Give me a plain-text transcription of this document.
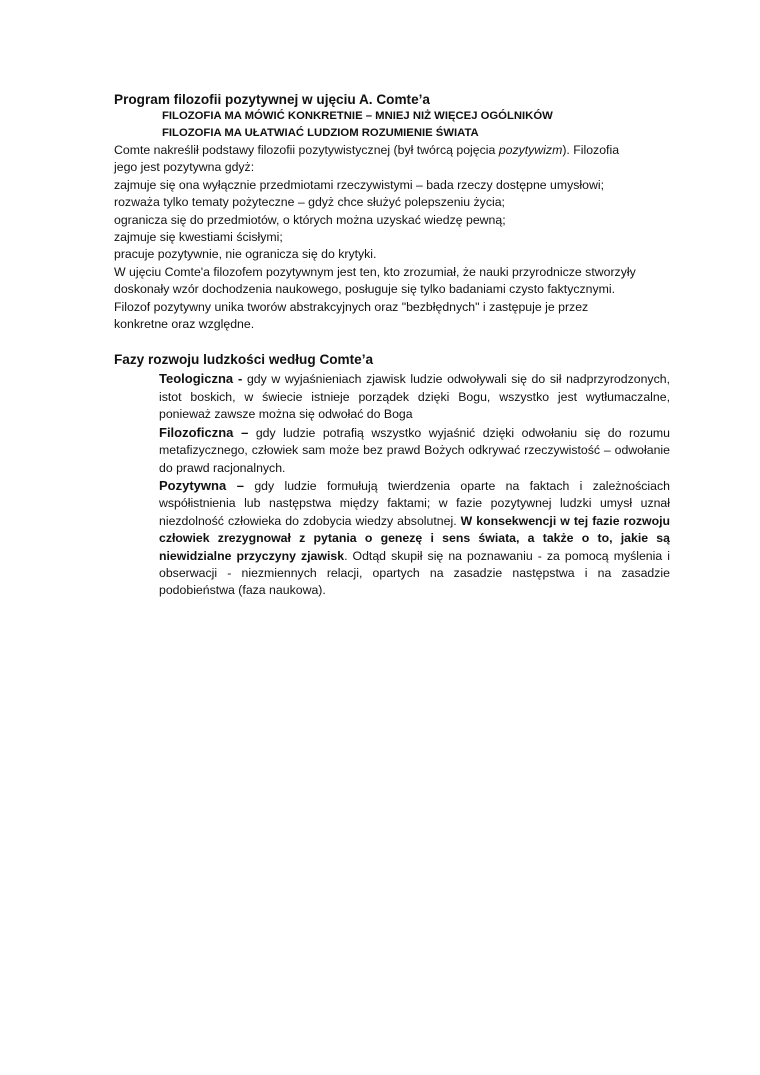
Program filozofii pozytywnej w ujęciu A. Comte’a

FILOZOFIA MA MÓWIĆ KONKRETNIE – MNIEJ NIŻ WIĘCEJ OGÓLNIKÓW

FILOZOFIA MA UŁATWIAĆ LUDZIOM ROZUMIENIE ŚWIATA

Comte nakreślił podstawy filozofii pozytywistycznej (był twórcą pojęcia pozytywizm). Filozofia

jego jest pozytywna gdyż:

zajmuje się ona wyłącznie przedmiotami rzeczywistymi – bada rzeczy dostępne umysłowi;

rozważa tylko tematy pożyteczne – gdyż chce służyć polepszeniu życia;

ogranicza się do przedmiotów, o których można uzyskać wiedzę pewną;

zajmuje się kwestiami ścisłymi;

pracuje pozytywnie, nie ogranicza się do krytyki.

W ujęciu Comte'a filozofem pozytywnym jest ten, kto zrozumiał, że nauki przyrodnicze stworzyły

doskonały wzór dochodzenia naukowego, posługuje się tylko badaniami czysto faktycznymi.

Filozof pozytywny unika tworów abstrakcyjnych oraz "bezbłędnych" i zastępuje je przez

konkretne oraz względne.

Fazy rozwoju ludzkości według Comte’a

Teologiczna - gdy w wyjaśnieniach zjawisk ludzie odwoływali się do sił nadprzyrodzonych, istot boskich, w świecie istnieje porządek dzięki Bogu, wszystko jest wytłumaczalne, ponieważ zawsze można się odwołać do Boga

Filozoficzna – gdy ludzie potrafią wszystko wyjaśnić dzięki odwołaniu się do rozumu metafizycznego, człowiek sam może bez prawd Bożych odkrywać rzeczywistość – odwołanie do prawd racjonalnych.

Pozytywna – gdy ludzie formułują twierdzenia oparte na faktach i zależnościach współistnienia lub następstwa między faktami; w fazie pozytywnej ludzki umysł uznał niezdolność człowieka do zdobycia wiedzy absolutnej. W konsekwencji w tej fazie rozwoju człowiek zrezygnował z pytania o genezę i sens świata, a także o to, jakie są niewidzialne przyczyny zjawisk. Odtąd skupił się na poznawaniu - za pomocą myślenia i obserwacji - niezmiennych relacji, opartych na zasadzie następstwa i na zasadzie podobieństwa (faza naukowa).
